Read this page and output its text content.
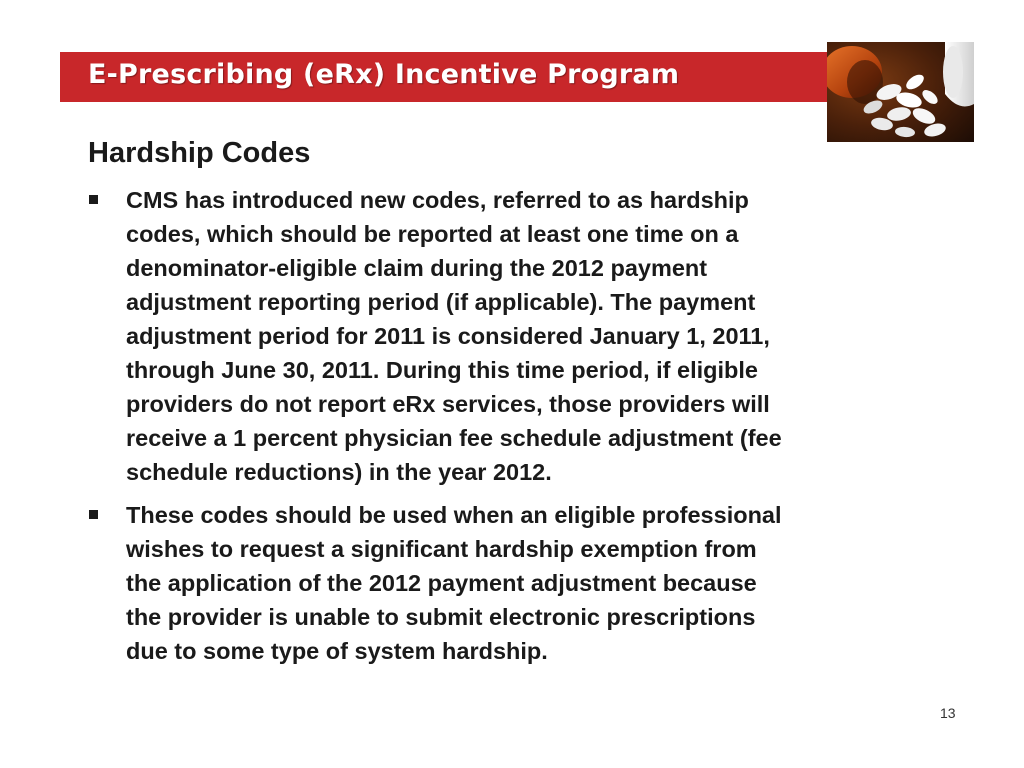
E-Prescribing (eRx) Incentive Program
Hardship Codes
CMS has introduced new codes, referred to as hardship
codes, which should be reported at least one time on a
denominator-eligible claim during the 2012 payment
adjustment reporting period (if applicable). The payment
adjustment period for 2011 is considered January 1, 2011,
through June 30, 2011. During this time period, if eligible
providers do not report eRx services, those providers will
receive a 1 percent physician fee schedule adjustment (fee
schedule reductions) in the year 2012.
These codes should be used when an eligible professional
wishes to request a significant hardship exemption from
the application of the 2012 payment adjustment because
the provider is unable to submit electronic prescriptions
due to some type of system hardship.
13
